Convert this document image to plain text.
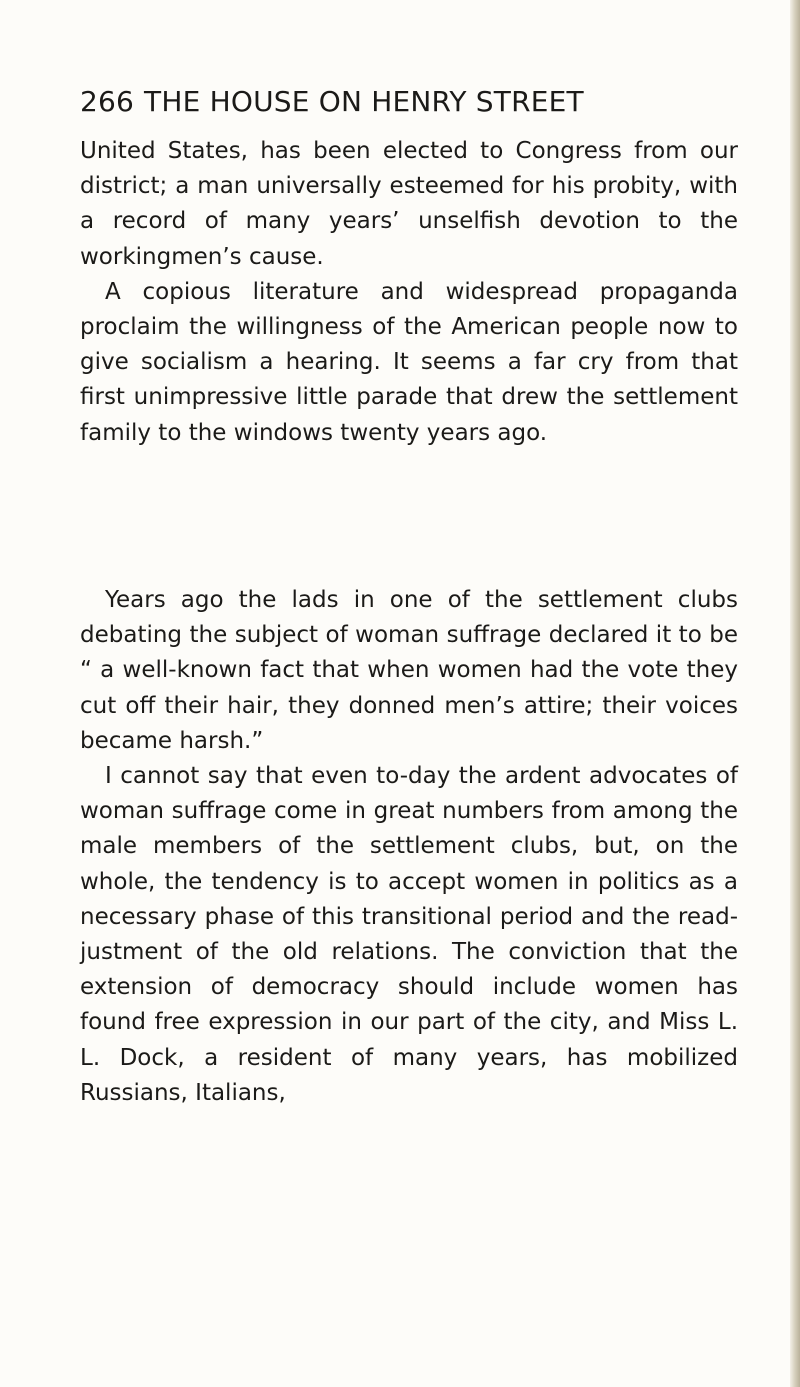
266 THE HOUSE ON HENRY STREET

United States, has been elected to Congress from our district; a man universally esteemed for his probity, with a record of many years’ unselfish devotion to the workingmen’s cause.

A copious literature and widespread propaganda proclaim the willingness of the American people now to give socialism a hearing. It seems a far cry from that first unimpressive little parade that drew the settlement family to the windows twenty years ago.

Years ago the lads in one of the settlement clubs debating the subject of woman suffrage declared it to be “ a well-known fact that when women had the vote they cut off their hair, they donned men’s attire; their voices became harsh.”

I cannot say that even to-day the ardent advocates of woman suffrage come in great numbers from among the male members of the settlement clubs, but, on the whole, the tendency is to accept women in politics as a necessary phase of this transitional period and the readjustment of the old relations. The conviction that the extension of democracy should include women has found free expression in our part of the city, and Miss L. L. Dock, a resident of many years, has mobilized Russians, Italians,
